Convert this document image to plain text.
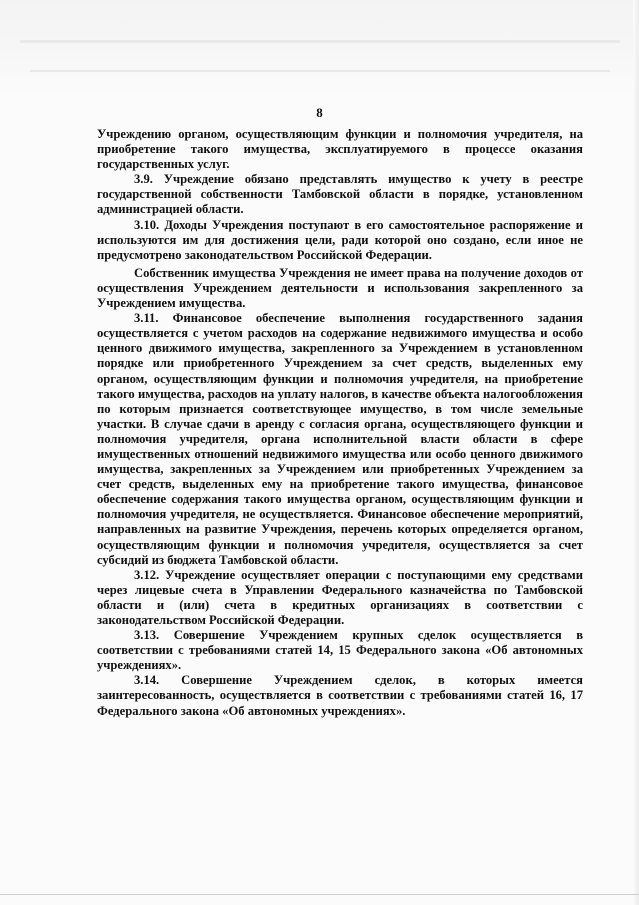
8

Учреждению органом, осуществляющим функции и полномочия учредителя, на приобретение такого имущества, эксплуатируемого в процессе оказания государственных услуг.

3.9. Учреждение обязано представлять имущество к учету в реестре государственной собственности Тамбовской области в порядке, установленном администрацией области.

3.10. Доходы Учреждения поступают в его самостоятельное распоряжение и используются им для достижения цели, ради которой оно создано, если иное не предусмотрено законодательством Российской Федерации.

Собственник имущества Учреждения не имеет права на получение доходов от осуществления Учреждением деятельности и использования закрепленного за Учреждением имущества.

3.11. Финансовое обеспечение выполнения государственного задания осуществляется с учетом расходов на содержание недвижимого имущества и особо ценного движимого имущества, закрепленного за Учреждением в установленном порядке или приобретенного Учреждением за счет средств, выделенных ему органом, осуществляющим функции и полномочия учредителя, на приобретение такого имущества, расходов на уплату налогов, в качестве объекта налогообложения по которым признается соответствующее имущество, в том числе земельные участки. В случае сдачи в аренду с согласия органа, осуществляющего функции и полномочия учредителя, органа исполнительной власти области в сфере имущественных отношений недвижимого имущества или особо ценного движимого имущества, закрепленных за Учреждением или приобретенных Учреждением за счет средств, выделенных ему на приобретение такого имущества, финансовое обеспечение содержания такого имущества органом, осуществляющим функции и полномочия учредителя, не осуществляется. Финансовое обеспечение мероприятий, направленных на развитие Учреждения, перечень которых определяется органом, осуществляющим функции и полномочия учредителя, осуществляется за счет субсидий из бюджета Тамбовской области.

3.12. Учреждение осуществляет операции с поступающими ему средствами через лицевые счета в Управлении Федерального казначейства по Тамбовской области и (или) счета в кредитных организациях в соответствии с законодательством Российской Федерации.

3.13. Совершение Учреждением крупных сделок осуществляется в соответствии с требованиями статей 14, 15 Федерального закона «Об автономных учреждениях».

3.14. Совершение Учреждением сделок, в которых имеется заинтересованность, осуществляется в соответствии с требованиями статей 16, 17 Федерального закона «Об автономных учреждениях».
